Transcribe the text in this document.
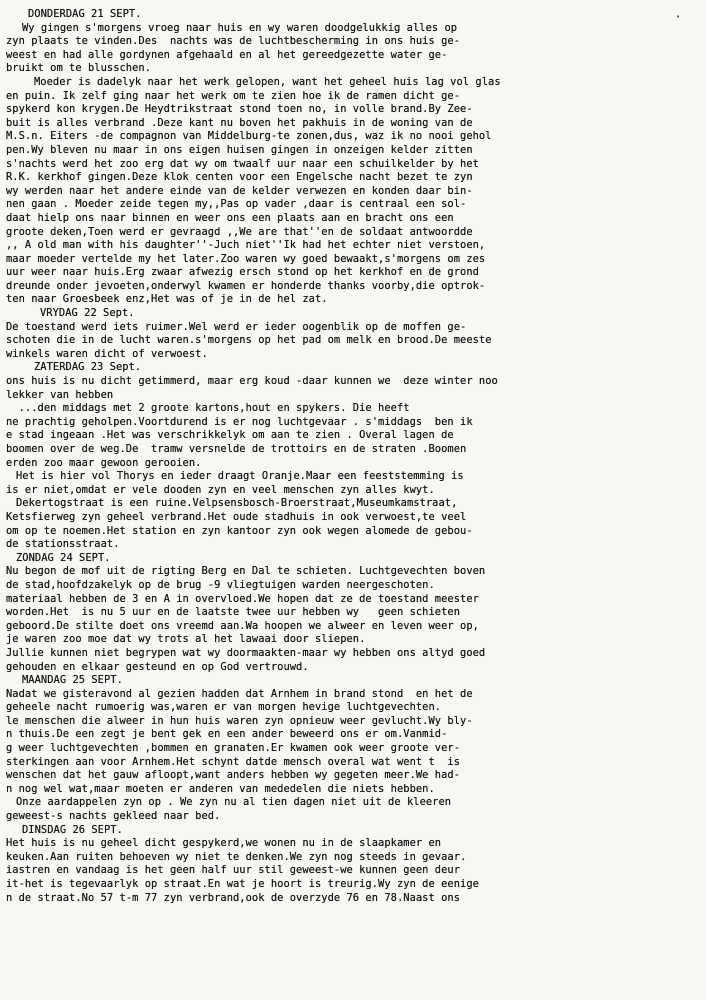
·
DONDERDAG 21 SEPT.
Wy gingen s'morgens vroeg naar huis en wy waren doodgelukkig alles op
zyn plaats te vinden.Des  nachts was de luchtbescherming in ons huis ge-
weest en had alle gordynen afgehaald en al het gereedgezette water ge-
bruikt om te blusschen.
Moeder is dadelyk naar het werk gelopen, want het geheel huis lag vol glas
en puin. Ik zelf ging naar het werk om te zien hoe ik de ramen dicht ge-
spykerd kon krygen.De Heydtrikstraat stond toen no, in volle brand.By Zee-
buit is alles verbrand .Deze kant nu boven het pakhuis in de woning van de
M.S.n. Eiters -de compagnon van Middelburg-te zonen,dus, waz ik no nooi gehol
pen.Wy bleven nu maar in ons eigen huisen gingen in onzeigen kelder zitten
s'nachts werd het zoo erg dat wy om twaalf uur naar een schuilkelder by het
R.K. kerkhof gingen.Deze klok centen voor een Engelsche nacht bezet te zyn
wy werden naar het andere einde van de kelder verwezen en konden daar bin-
nen gaan . Moeder zeide tegen my,,Pas op vader ,daar is centraal een sol-
daat hielp ons naar binnen en weer ons een plaats aan en bracht ons een
groote deken,Toen werd er gevraagd ,,We are that''en de soldaat antwoordde
,, A old man with his daughter''-Juch niet''Ik had het echter niet verstoen,
maar moeder vertelde my het later.Zoo waren wy goed bewaakt,s'morgens om zes
uur weer naar huis.Erg zwaar afwezig ersch stond op het kerkhof en de grond
dreunde onder jevoeten,onderwyl kwamen er honderde thanks voorby,die optrok-
ten naar Groesbeek enz,Het was of je in de hel zat.
VRYDAG 22 Sept.
De toestand werd iets ruimer.Wel werd er ieder oogenblik op de moffen ge-
schoten die in de lucht waren.s'morgens op het pad om melk en brood.De meeste
winkels waren dicht of verwoest.
ZATERDAG 23 Sept.
ons huis is nu dicht getimmerd, maar erg koud -daar kunnen we  deze winter noo
lekker van hebben
...den middags met 2 groote kartons,hout en spykers. Die heeft
ne prachtig geholpen.Voortdurend is er nog luchtgevaar . s'middags  ben ik
e stad ingeaan .Het was verschrikkelyk om aan te zien . Overal lagen de
boomen over de weg.De  tramw versnelde de trottoirs en de straten .Boomen
erden zoo maar gewoon gerooien.
Het is hier vol Thorys en ieder draagt Oranje.Maar een feeststemming is
is er niet,omdat er vele dooden zyn en veel menschen zyn alles kwyt.
Dekertogstraat is een ruine.Velpsensbosch-Broerstraat,Museumkamstraat,
Ketsfierweg zyn geheel verbrand.Het oude stadhuis in ook verwoest,te veel
om op te noemen.Het station en zyn kantoor zyn ook wegen alomede de gebou-
de stationsstraat.
ZONDAG 24 SEPT.
Nu begon de mof uit de rigting Berg en Dal te schieten. Luchtgevechten boven
de stad,hoofdzakelyk op de brug -9 vliegtuigen warden neergeschoten.
materiaal hebben de 3 en A in overvloed.We hopen dat ze de toestand meester
worden.Het  is nu 5 uur en de laatste twee uur hebben wy   geen schieten
geboord.De stilte doet ons vreemd aan.Wa hoopen we alweer en leven weer op,
je waren zoo moe dat wy trots al het lawaai door sliepen.
Jullie kunnen niet begrypen wat wy doormaakten-maar wy hebben ons altyd goed
gehouden en elkaar gesteund en op God vertrouwd.
MAANDAG 25 SEPT.
Nadat we gisteravond al gezien hadden dat Arnhem in brand stond  en het de
geheele nacht rumoerig was,waren er van morgen hevige luchtgevechten.
le menschen die alweer in hun huis waren zyn opnieuw weer gevlucht.Wy bly-
n thuis.De een zegt je bent gek en een ander beweerd ons er om.Vanmid-
g weer luchtgevechten ,bommen en granaten.Er kwamen ook weer groote ver-
sterkingen aan voor Arnhem.Het schynt datde mensch overal wat went t  is
wenschen dat het gauw afloopt,want anders hebben wy gegeten meer.We had-
n nog wel wat,maar moeten er anderen van mededelen die niets hebben.
Onze aardappelen zyn op . We zyn nu al tien dagen niet uit de kleeren
geweest-s nachts gekleed naar bed.
DINSDAG 26 SEPT.
Het huis is nu geheel dicht gespykerd,we wonen nu in de slaapkamer en
keuken.Aan ruiten behoeven wy niet te denken.We zyn nog steeds in gevaar.
iastren en vandaag is het geen half uur stil geweest-we kunnen geen deur
it-het is tegevaarlyk op straat.En wat je hoort is treurig.Wy zyn de eenige
n de straat.No 57 t-m 77 zyn verbrand,ook de overzyde 76 en 78.Naast ons
